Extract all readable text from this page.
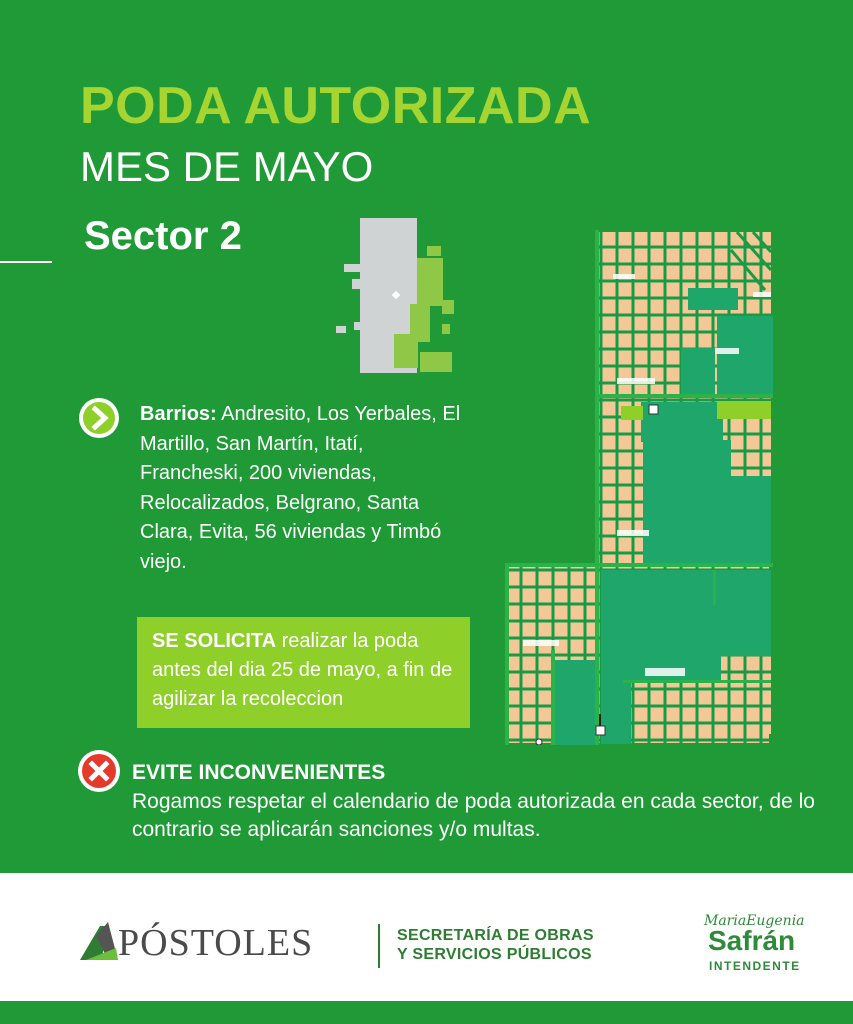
PODA AUTORIZADA
MES DE MAYO
Sector 2
Barrios: Andresito, Los Yerbales, El Martillo, San Martín, Itatí, Francheski, 200 viviendas, Relocalizados, Belgrano, Santa Clara, Evita, 56 viviendas y Timbó viejo.
SE SOLICITA realizar la poda antes del dia 25 de mayo, a fin de agilizar la recoleccion
EVITE INCONVENIENTES
Rogamos respetar el calendario de poda autorizada en cada sector, de lo contrario se aplicarán sanciones y/o multas.
PÓSTOLES	SECRETARÍA DE OBRAS
Y SERVICIOS PÚBLICOS
MariaEugenia
Safrán
INTENDENTE
